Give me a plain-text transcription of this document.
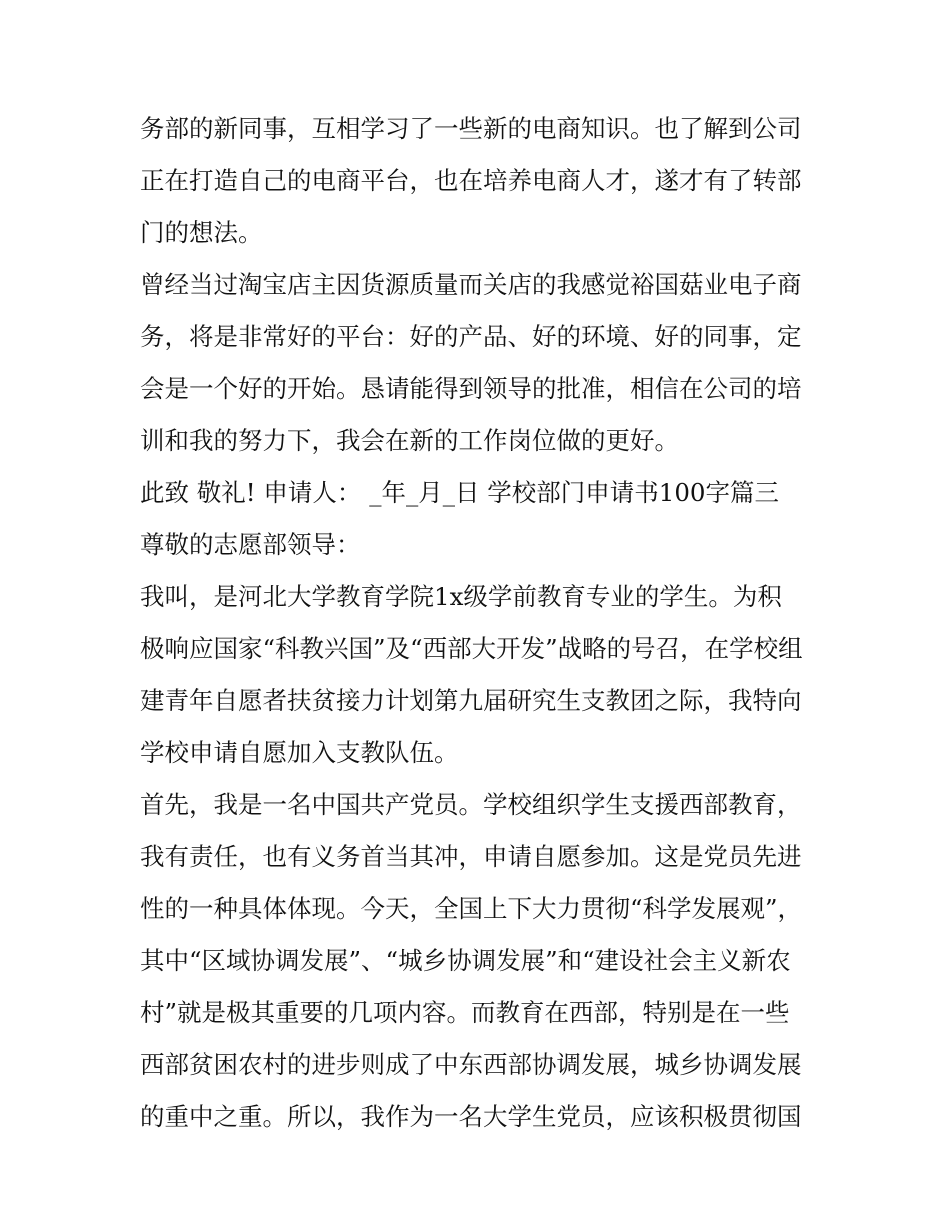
务部的新同事，互相学习了一些新的电商知识。也了解到公司
正在打造自己的电商平台，也在培养电商人才，遂才有了转部
门的想法。
曾经当过淘宝店主因货源质量而关店的我感觉裕国菇业电子商
务，将是非常好的平台：好的产品、好的环境、好的同事，定
会是一个好的开始。恳请能得到领导的批准，相信在公司的培
训和我的努力下，我会在新的工作岗位做的更好。
此致 敬礼! 申请人： _年_月_日 学校部门申请书100字篇三
尊敬的志愿部领导：
我叫，是河北大学教育学院1x级学前教育专业的学生。为积
极响应国家“科教兴国”及“西部大开发”战略的号召，在学校组
建青年自愿者扶贫接力计划第九届研究生支教团之际，我特向
学校申请自愿加入支教队伍。
首先，我是一名中国共产党员。学校组织学生支援西部教育，
我有责任，也有义务首当其冲，申请自愿参加。这是党员先进
性的一种具体体现。今天，全国上下大力贯彻“科学发展观”，
其中“区域协调发展”、“城乡协调发展”和“建设社会主义新农
村”就是极其重要的几项内容。而教育在西部，特别是在一些
西部贫困农村的进步则成了中东西部协调发展，城乡协调发展
的重中之重。所以，我作为一名大学生党员，应该积极贯彻国
